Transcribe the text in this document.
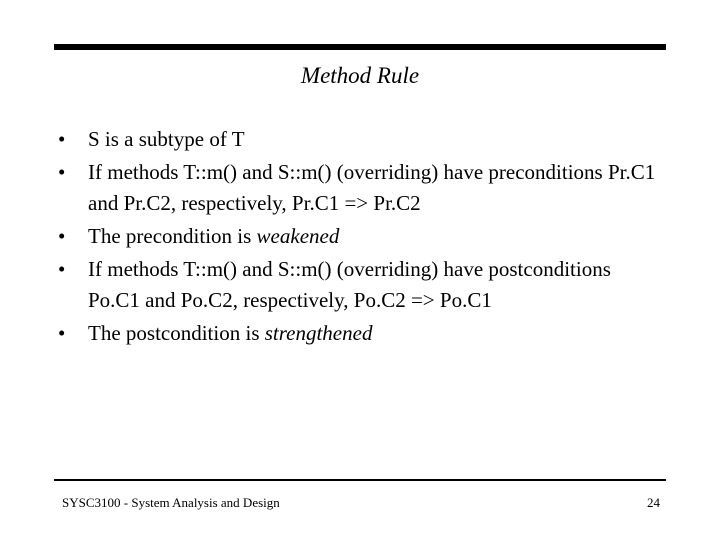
Method Rule
•	S is a subtype of T
•	If methods T::m() and S::m() (overriding) have preconditions Pr.C1 and Pr.C2, respectively, Pr.C1 => Pr.C2
•	The precondition is weakened
•	If methods T::m() and S::m() (overriding) have postconditions Po.C1 and Po.C2, respectively, Po.C2 => Po.C1
•	The postcondition is strengthened
SYSC3100 - System Analysis and Design	24
